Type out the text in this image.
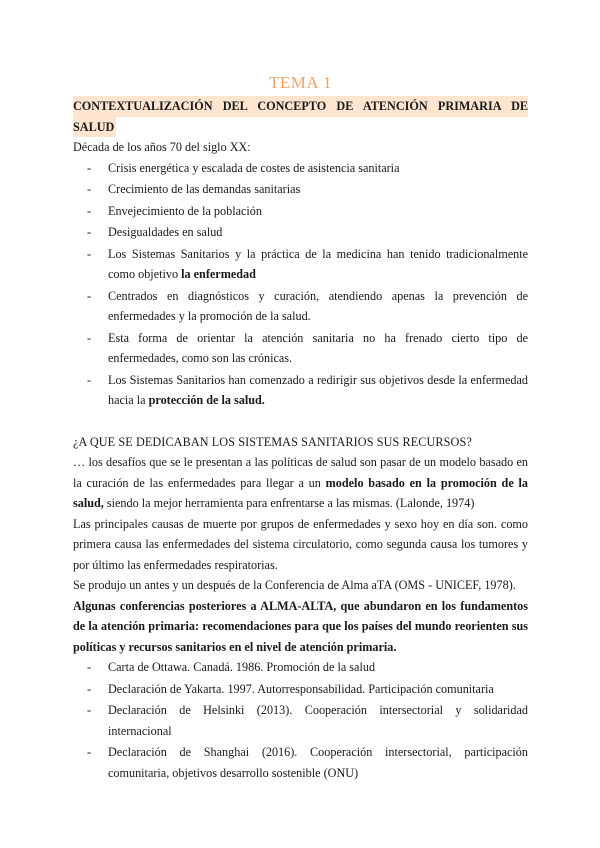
TEMA 1
CONTEXTUALIZACIÓN DEL CONCEPTO DE ATENCIÓN PRIMARIA DE
SALUD

Década de los años 70 del siglo XX:

- Crisis energética y escalada de costes de asistencia sanitaria
- Crecimiento de las demandas sanitarias
- Envejecimiento de la población
- Desigualdades en salud
- Los Sistemas Sanitarios y la práctica de la medicina han tenido tradicionalmente como objetivo la enfermedad
- Centrados en diagnósticos y curación, atendiendo apenas la prevención de enfermedades y la promoción de la salud.
- Esta forma de orientar la atención sanitaria no ha frenado cierto tipo de enfermedades, como son las crónicas.
- Los Sistemas Sanitarios han comenzado a redirigir sus objetivos desde la enfermedad hacia la protección de la salud.

¿A QUE SE DEDICABAN LOS SISTEMAS SANITARIOS SUS RECURSOS?

… los desafíos que se le presentan a las políticas de salud son pasar de un modelo basado en la curación de las enfermedades para llegar a un modelo basado en la promoción de la salud, siendo la mejor herramienta para enfrentarse a las mismas. (Lalonde, 1974)

Las principales causas de muerte por grupos de enfermedades y sexo hoy en día son. como primera causa las enfermedades del sistema circulatorio, como segunda causa los tumores y por último las enfermedades respiratorias.

Se produjo un antes y un después de la Conferencia de Alma aTA (OMS - UNICEF, 1978).

Algunas conferencias posteriores a ALMA-ALTA, que abundaron en los fundamentos de la atención primaria: recomendaciones para que los países del mundo reorienten sus políticas y recursos sanitarios en el nivel de atención primaria.

- Carta de Ottawa. Canadá. 1986. Promoción de la salud
- Declaración de Yakarta. 1997. Autorresponsabilidad. Participación comunitaria
- Declaración de Helsinki (2013). Cooperación intersectorial y solidaridad internacional
- Declaración de Shanghai (2016). Cooperación intersectorial, participación comunitaria, objetivos desarrollo sostenible (ONU)
